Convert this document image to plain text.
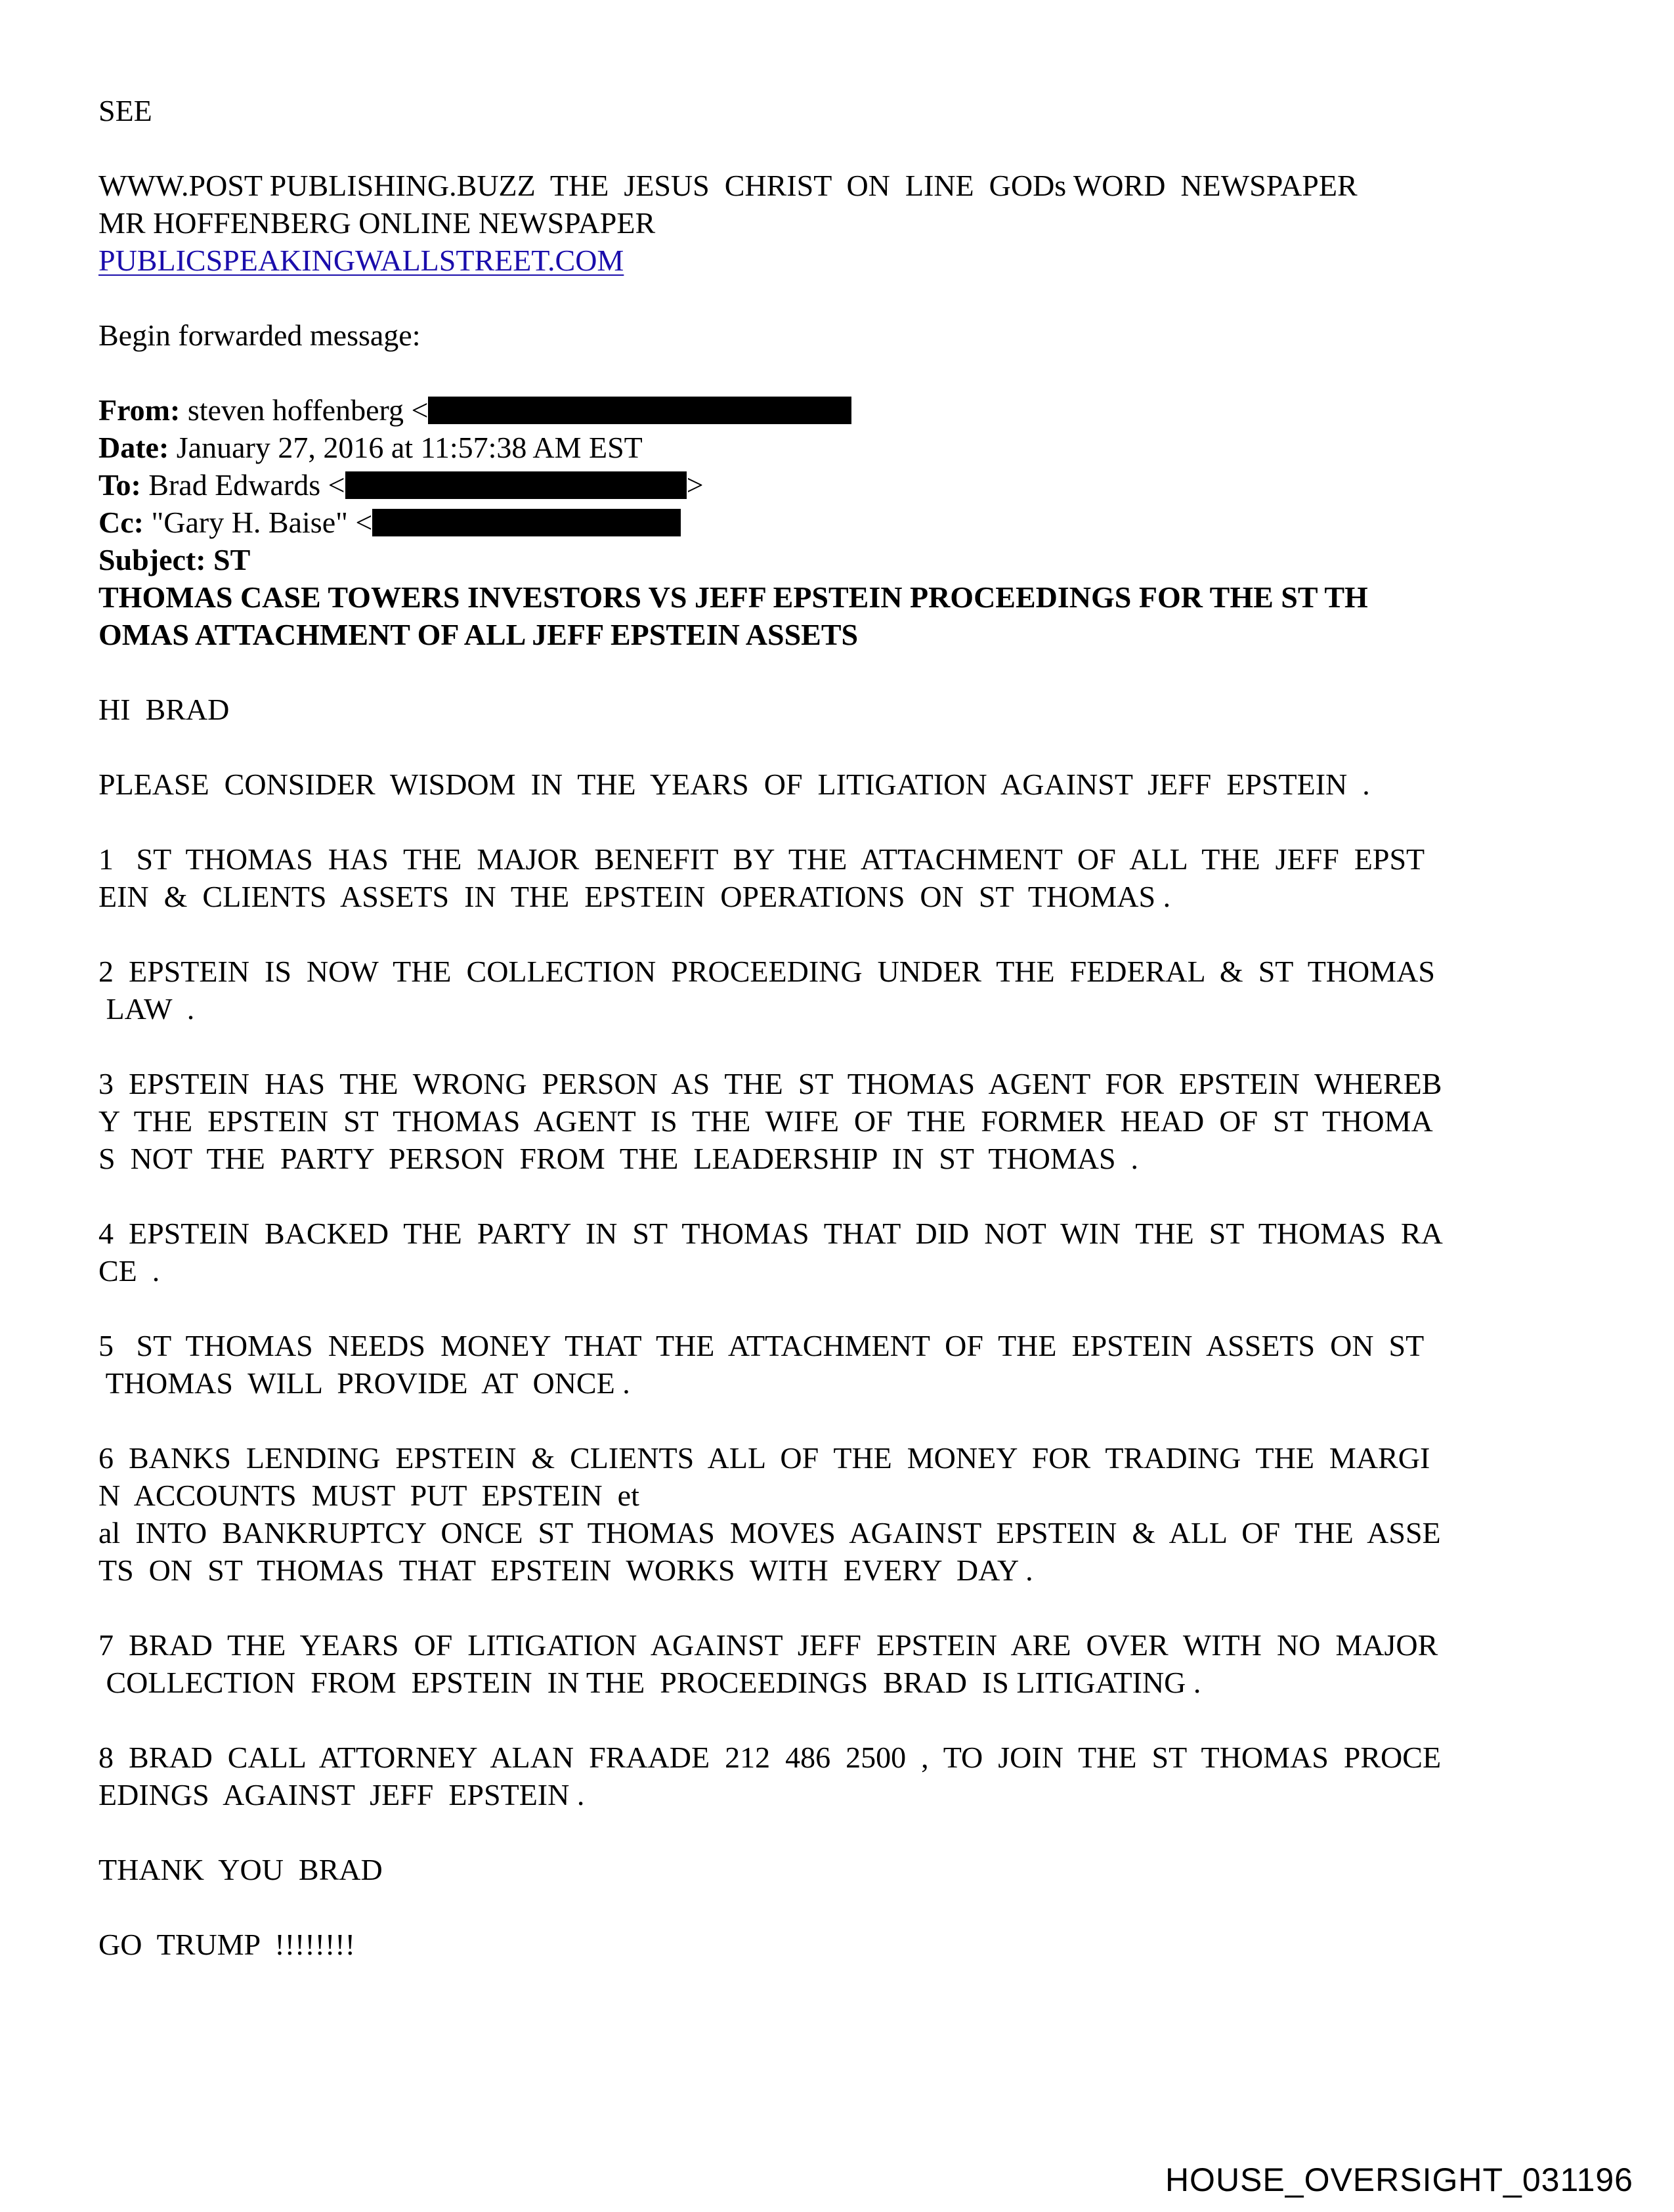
SEE
WWW.POST PUBLISHING.BUZZ  THE  JESUS  CHRIST  ON  LINE  GODs WORD  NEWSPAPER
MR HOFFENBERG ONLINE NEWSPAPER
PUBLICSPEAKINGWALLSTREET.COM
Begin forwarded message:
From: steven hoffenberg <
Date: January 27, 2016 at 11:57:38 AM EST
To: Brad Edwards <	>
Cc: "Gary H. Baise" <
Subject: ST
THOMAS CASE TOWERS INVESTORS VS JEFF EPSTEIN PROCEEDINGS FOR THE ST TH
OMAS ATTACHMENT OF ALL JEFF EPSTEIN ASSETS
HI  BRAD
PLEASE  CONSIDER  WISDOM  IN  THE  YEARS  OF  LITIGATION  AGAINST  JEFF  EPSTEIN  .
1   ST  THOMAS  HAS  THE  MAJOR  BENEFIT  BY  THE  ATTACHMENT  OF  ALL  THE  JEFF  EPST
EIN  &  CLIENTS  ASSETS  IN  THE  EPSTEIN  OPERATIONS  ON  ST  THOMAS .
2  EPSTEIN  IS  NOW  THE  COLLECTION  PROCEEDING  UNDER  THE  FEDERAL  &  ST  THOMAS
LAW  .
3  EPSTEIN  HAS  THE  WRONG  PERSON  AS  THE  ST  THOMAS  AGENT  FOR  EPSTEIN  WHEREB
Y  THE  EPSTEIN  ST  THOMAS  AGENT  IS  THE  WIFE  OF  THE  FORMER  HEAD  OF  ST  THOMA
S  NOT  THE  PARTY  PERSON  FROM  THE  LEADERSHIP  IN  ST  THOMAS  .
4  EPSTEIN  BACKED  THE  PARTY  IN  ST  THOMAS  THAT  DID  NOT  WIN  THE  ST  THOMAS  RA
CE  .
5   ST  THOMAS  NEEDS  MONEY  THAT  THE  ATTACHMENT  OF  THE  EPSTEIN  ASSETS  ON  ST
THOMAS  WILL  PROVIDE  AT  ONCE .
6  BANKS  LENDING  EPSTEIN  &  CLIENTS  ALL  OF  THE  MONEY  FOR  TRADING  THE  MARGI
N  ACCOUNTS  MUST  PUT  EPSTEIN  et
al  INTO  BANKRUPTCY  ONCE  ST  THOMAS  MOVES  AGAINST  EPSTEIN  &  ALL  OF  THE  ASSE
TS  ON  ST  THOMAS  THAT  EPSTEIN  WORKS  WITH  EVERY  DAY .
7  BRAD  THE  YEARS  OF  LITIGATION  AGAINST  JEFF  EPSTEIN  ARE  OVER  WITH  NO  MAJOR
COLLECTION  FROM  EPSTEIN  IN THE  PROCEEDINGS  BRAD  IS LITIGATING .
8  BRAD  CALL  ATTORNEY  ALAN  FRAADE  212  486  2500  ,  TO  JOIN  THE  ST  THOMAS  PROCE
EDINGS  AGAINST  JEFF  EPSTEIN .
THANK  YOU  BRAD
GO  TRUMP  !!!!!!!!
HOUSE_OVERSIGHT_031196
